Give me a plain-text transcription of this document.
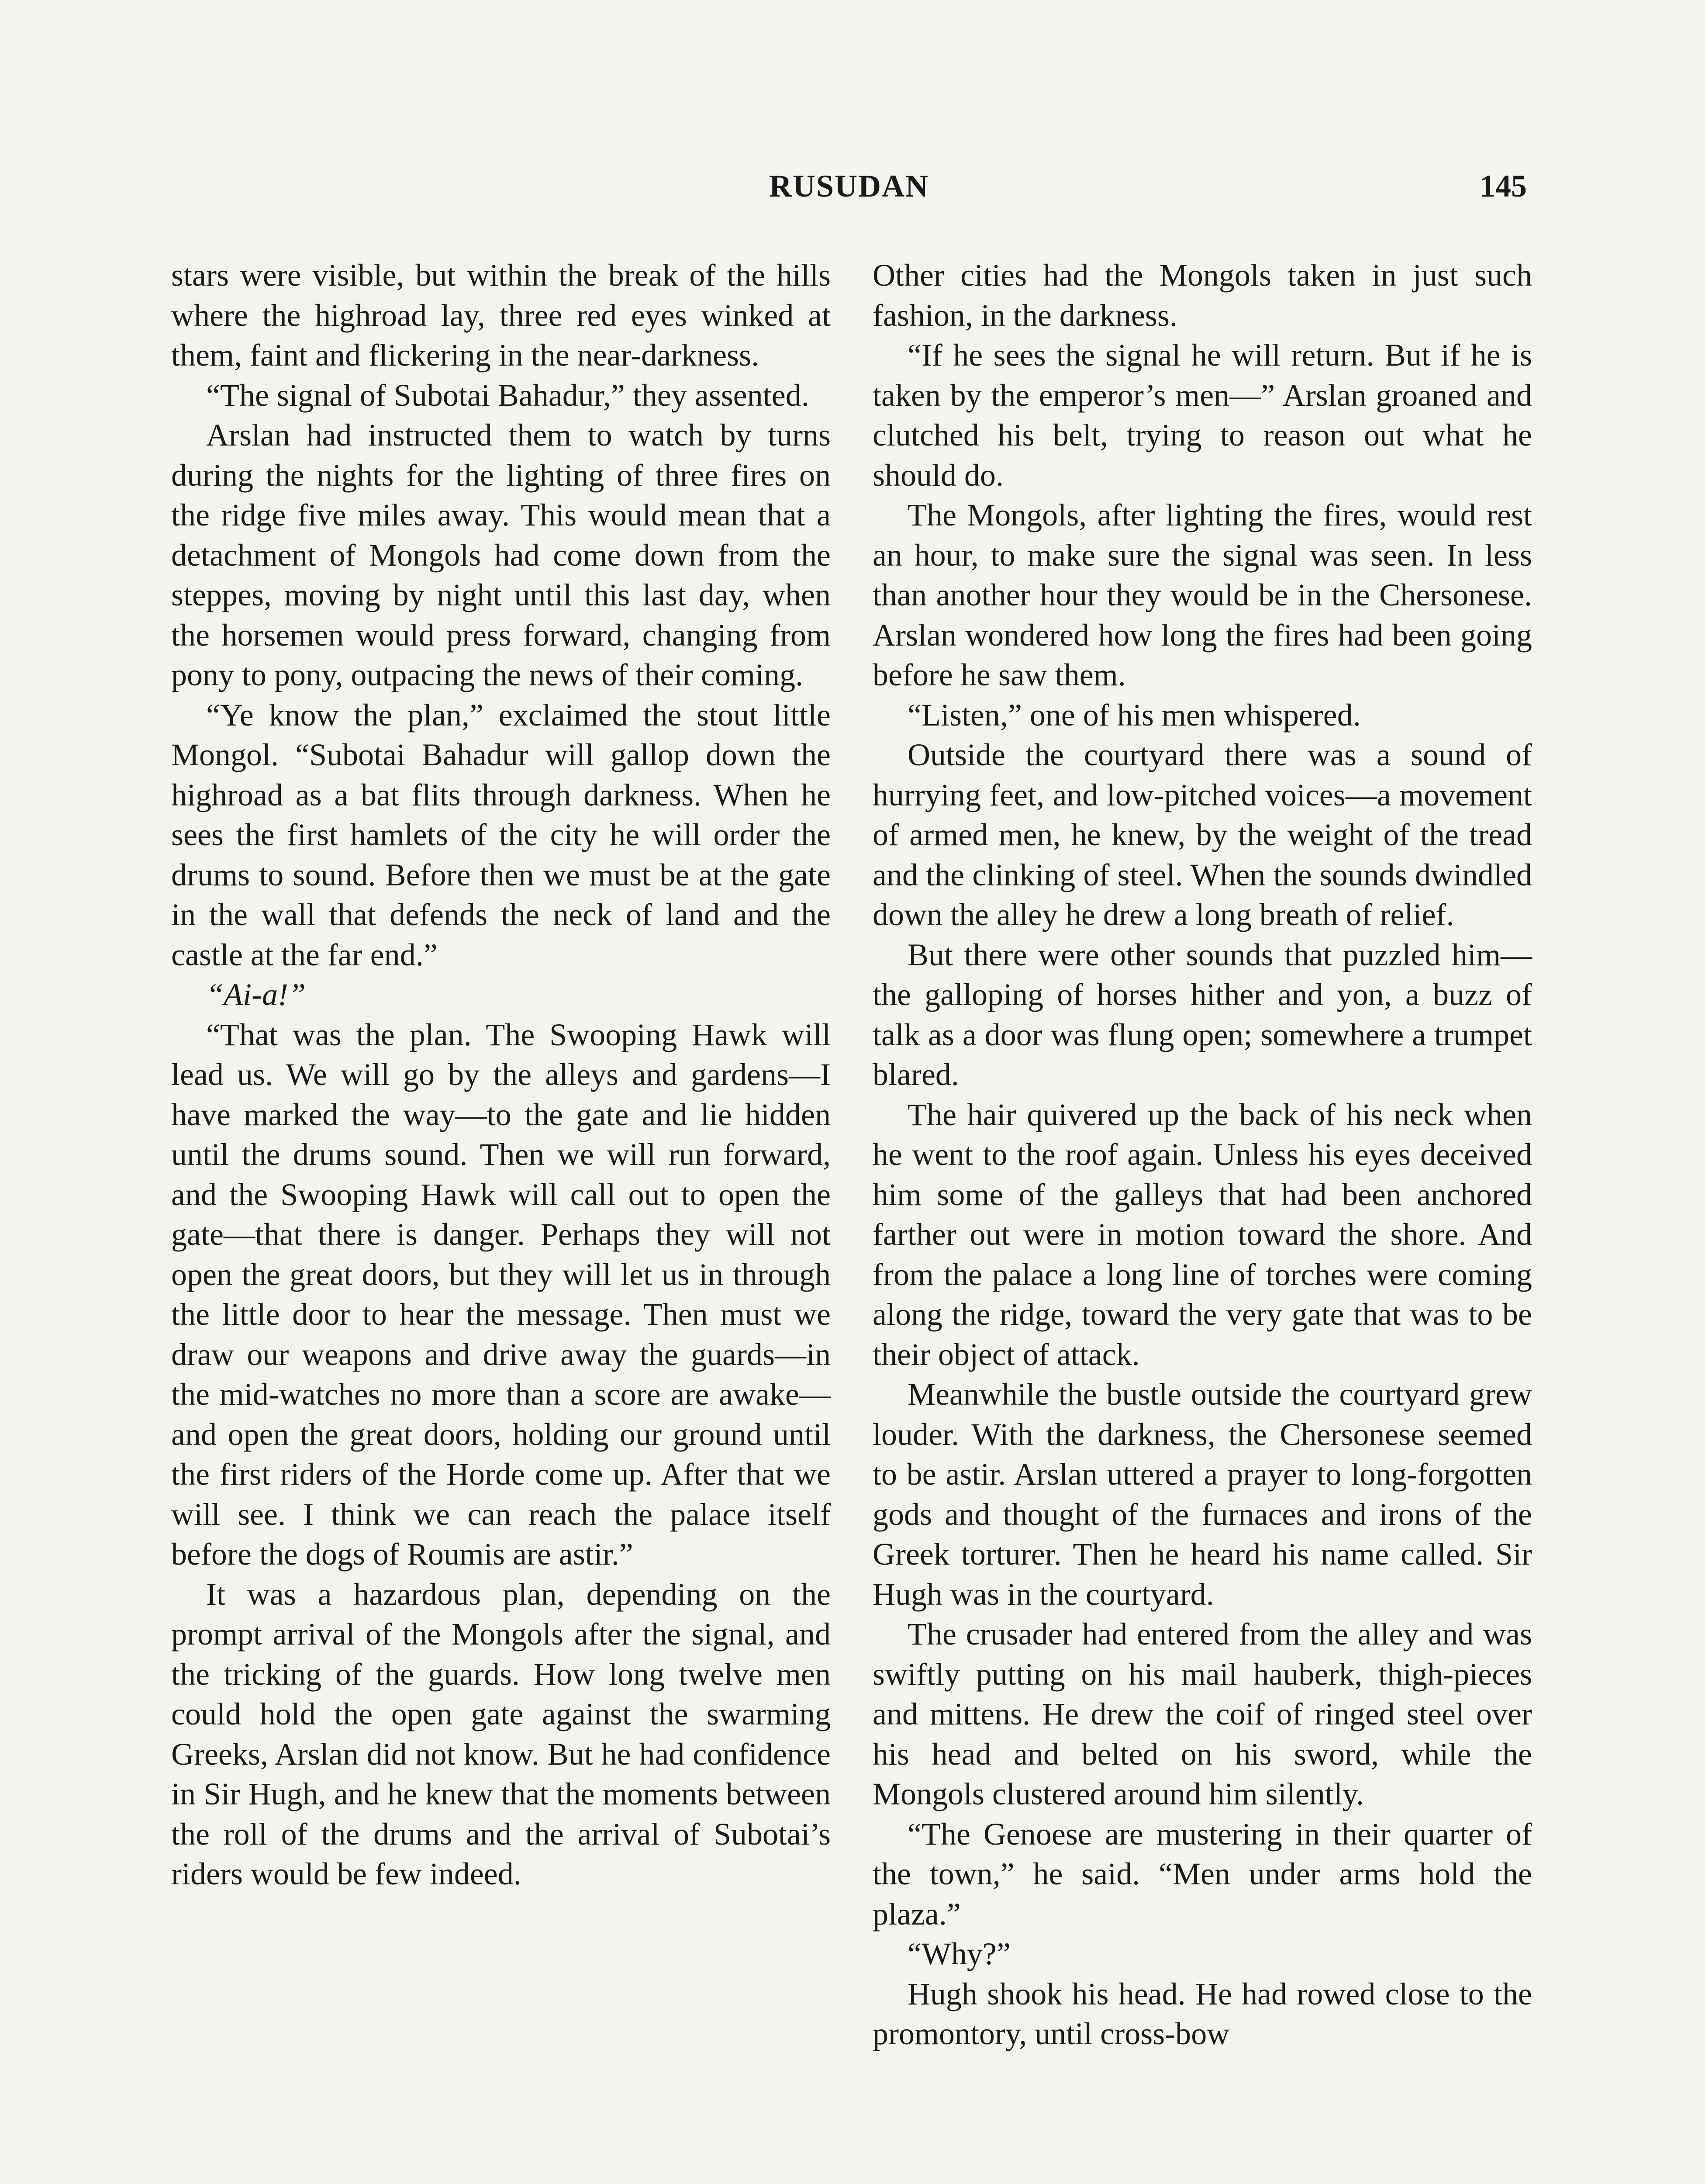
RUSUDAN	145

stars were visible, but within the break of the hills where the highroad lay, three red eyes winked at them, faint and flickering in the near-darkness.

“The signal of Subotai Bahadur,” they assented.

Arslan had instructed them to watch by turns during the nights for the lighting of three fires on the ridge five miles away. This would mean that a detachment of Mongols had come down from the steppes, moving by night until this last day, when the horsemen would press forward, changing from pony to pony, outpacing the news of their coming.

“Ye know the plan,” exclaimed the stout little Mongol. “Subotai Bahadur will gallop down the highroad as a bat flits through darkness. When he sees the first hamlets of the city he will order the drums to sound. Before then we must be at the gate in the wall that defends the neck of land and the castle at the far end.”

“Ai-a!”

“That was the plan. The Swooping Hawk will lead us. We will go by the alleys and gardens—I have marked the way—to the gate and lie hidden until the drums sound. Then we will run forward, and the Swooping Hawk will call out to open the gate—that there is danger. Perhaps they will not open the great doors, but they will let us in through the little door to hear the message. Then must we draw our weapons and drive away the guards—in the mid-watches no more than a score are awake—and open the great doors, holding our ground until the first riders of the Horde come up. After that we will see. I think we can reach the palace itself before the dogs of Roumis are astir.”

It was a hazardous plan, depending on the prompt arrival of the Mongols after the signal, and the tricking of the guards. How long twelve men could hold the open gate against the swarming Greeks, Arslan did not know. But he had confidence in Sir Hugh, and he knew that the moments between the roll of the drums and the arrival of Subotai’s riders would be few indeed.

Other cities had the Mongols taken in just such fashion, in the darkness.

“If he sees the signal he will return. But if he is taken by the emperor’s men—” Arslan groaned and clutched his belt, trying to reason out what he should do.

The Mongols, after lighting the fires, would rest an hour, to make sure the signal was seen. In less than another hour they would be in the Chersonese. Arslan wondered how long the fires had been going before he saw them.

“Listen,” one of his men whispered.

Outside the courtyard there was a sound of hurrying feet, and low-pitched voices—a movement of armed men, he knew, by the weight of the tread and the clinking of steel. When the sounds dwindled down the alley he drew a long breath of relief.

But there were other sounds that puzzled him—the galloping of horses hither and yon, a buzz of talk as a door was flung open; somewhere a trumpet blared.

The hair quivered up the back of his neck when he went to the roof again. Unless his eyes deceived him some of the galleys that had been anchored farther out were in motion toward the shore. And from the palace a long line of torches were coming along the ridge, toward the very gate that was to be their object of attack.

Meanwhile the bustle outside the courtyard grew louder. With the darkness, the Chersonese seemed to be astir. Arslan uttered a prayer to long-forgotten gods and thought of the furnaces and irons of the Greek torturer. Then he heard his name called. Sir Hugh was in the courtyard.

The crusader had entered from the alley and was swiftly putting on his mail hauberk, thigh-pieces and mittens. He drew the coif of ringed steel over his head and belted on his sword, while the Mongols clustered around him silently.

“The Genoese are mustering in their quarter of the town,” he said. “Men under arms hold the plaza.”

“Why?”

Hugh shook his head. He had rowed close to the promontory, until cross-bow
